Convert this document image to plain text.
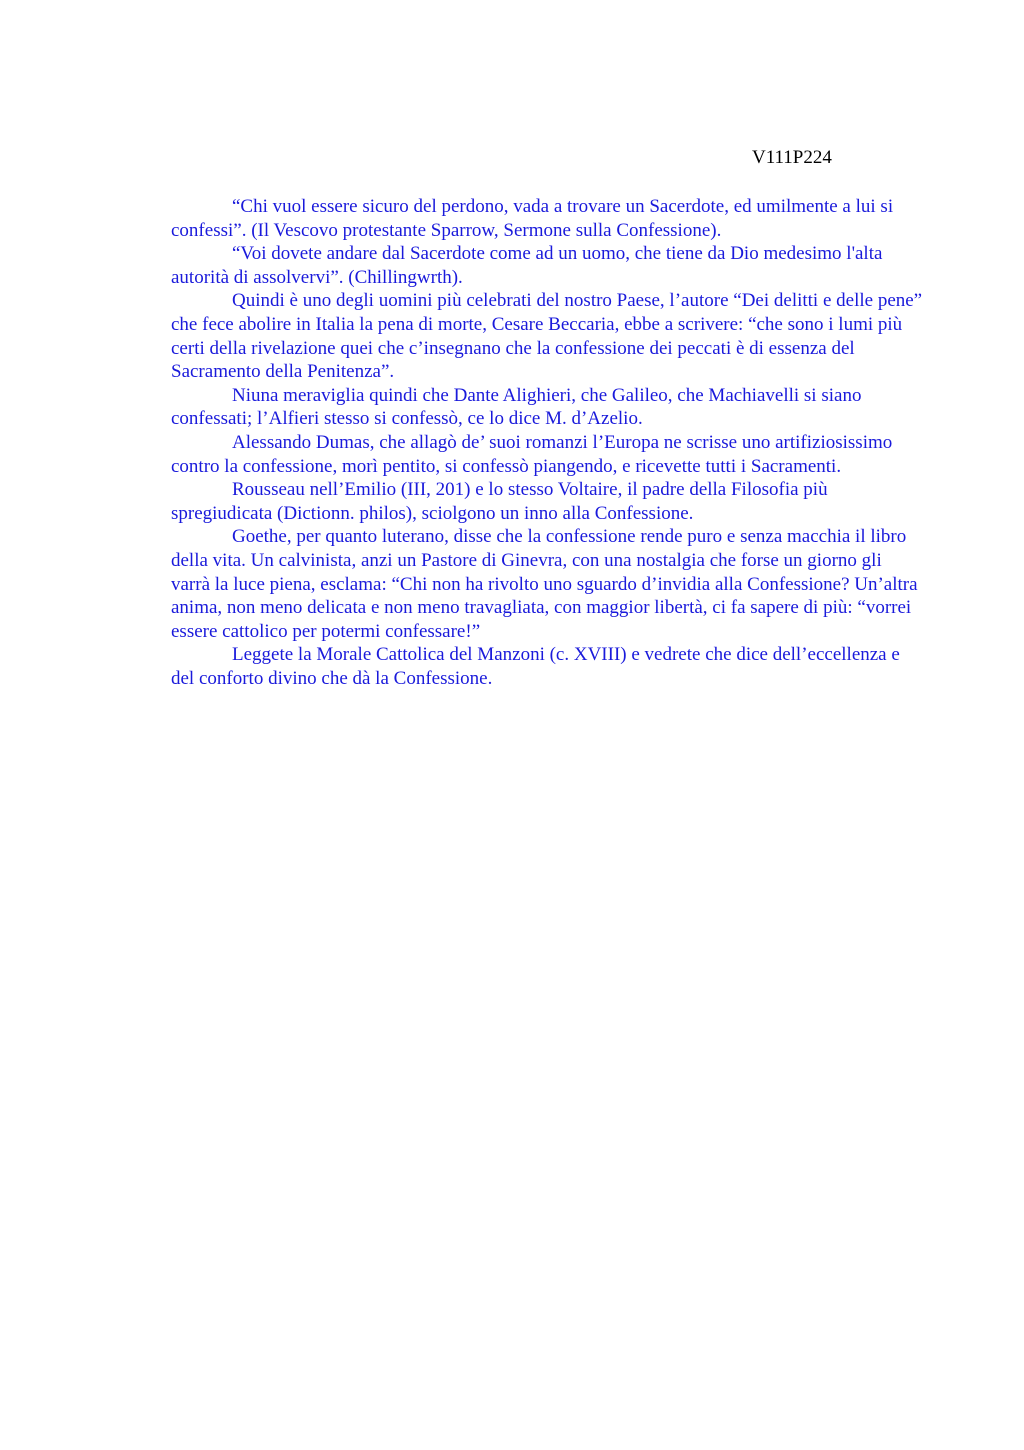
V111P224

“Chi vuol essere sicuro del perdono, vada a trovare un Sacerdote, ed umilmente a lui si confessi”. (Il Vescovo protestante Sparrow, Sermone sulla Confessione).

“Voi dovete andare dal Sacerdote come ad un uomo, che tiene da Dio medesimo l'alta autorità di assolvervi”. (Chillingwrth).

Quindi è uno degli uomini più celebrati del nostro Paese, l’autore “Dei delitti e delle pene” che fece abolire in Italia la pena di morte, Cesare Beccaria, ebbe a scrivere: “che sono i lumi più certi della rivelazione quei che c’insegnano che la confessione dei peccati è di essenza del Sacramento della Penitenza”.

Niuna meraviglia quindi che Dante Alighieri, che Galileo, che Machiavelli si siano confessati; l’Alfieri stesso si confessò, ce lo dice M. d’Azelio.

Alessando Dumas, che allagò de’ suoi romanzi l’Europa ne scrisse uno artifiziosissimo contro la confessione, morì pentito, si confessò piangendo, e ricevette tutti i Sacramenti.

Rousseau nell’Emilio (III, 201) e lo stesso Voltaire, il padre della Filosofia più spregiudicata (Dictionn. philos), sciolgono un inno alla Confessione.

Goethe, per quanto luterano, disse che la confessione rende puro e senza macchia il libro della vita. Un calvinista, anzi un Pastore di Ginevra, con una nostalgia che forse un giorno gli varrà la luce piena, esclama: “Chi non ha rivolto uno sguardo d’invidia alla Confessione? Un’altra anima, non meno delicata e non meno travagliata, con maggior libertà, ci fa sapere di più: “vorrei essere cattolico per potermi confessare!”

Leggete la Morale Cattolica del Manzoni (c. XVIII) e vedrete che dice dell’eccellenza e del conforto divino che dà la Confessione.
